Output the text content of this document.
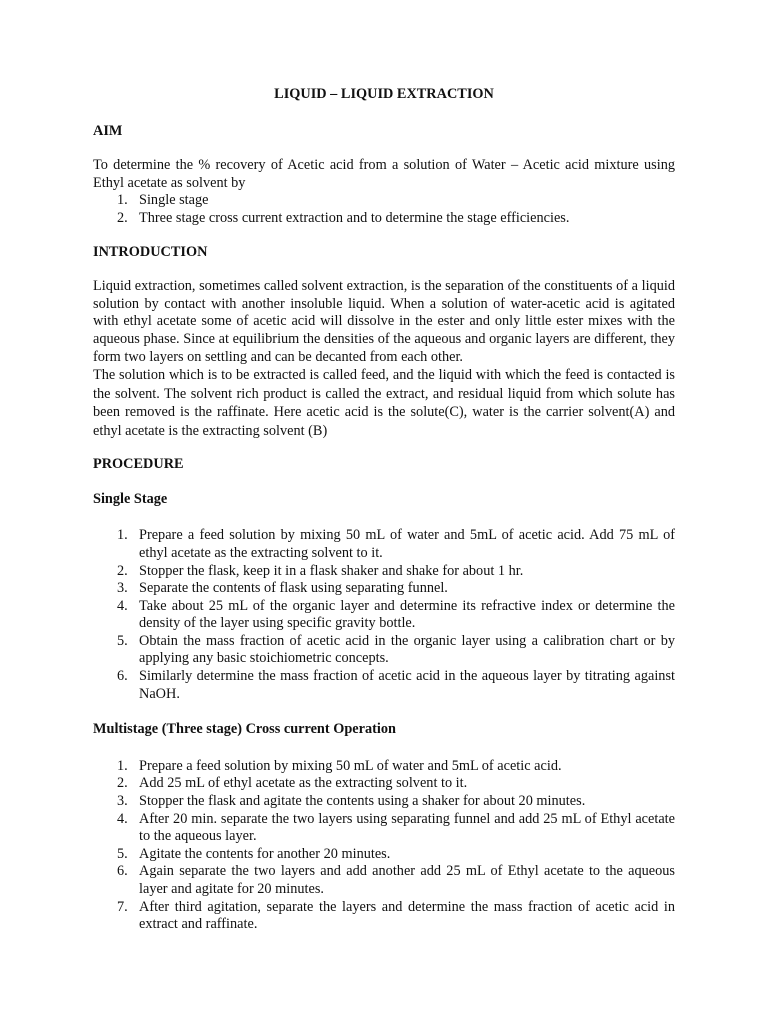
LIQUID – LIQUID EXTRACTION
AIM

To determine the % recovery of Acetic acid from a solution of Water – Acetic acid mixture using Ethyl acetate as solvent by

1. Single stage
2. Three stage cross current extraction and to determine the stage efficiencies.
INTRODUCTION

Liquid extraction, sometimes called solvent extraction, is the separation of the constituents of a liquid solution by contact with another insoluble liquid. When a solution of water-acetic acid is agitated with ethyl acetate some of acetic acid will dissolve in the ester and only little ester mixes with the aqueous phase. Since at equilibrium the densities of the aqueous and organic layers are different, they form two layers on settling and can be decanted from each other.

The solution which is to be extracted is called feed, and the liquid with which the feed is contacted is the solvent. The solvent rich product is called the extract, and residual liquid from which solute has been removed is the raffinate. Here acetic acid is the solute(C), water is the carrier solvent(A) and ethyl acetate is the extracting solvent (B)

PROCEDURE
Single Stage
1. Prepare a feed solution by mixing 50 mL of water and 5mL of acetic acid. Add 75 mL of ethyl acetate as the extracting solvent to it.
2. Stopper the flask, keep it in a flask shaker and shake for about 1 hr.
3. Separate the contents of flask using separating funnel.
4. Take about 25 mL of the organic layer and determine its refractive index or determine the density of the layer using specific gravity bottle.
5. Obtain the mass fraction of acetic acid in the organic layer using a calibration chart or by applying any basic stoichiometric concepts.
6. Similarly determine the mass fraction of acetic acid in the aqueous layer by titrating against NaOH.
Multistage (Three stage) Cross current Operation
1. Prepare a feed solution by mixing 50 mL of water and 5mL of acetic acid.
2. Add 25 mL of ethyl acetate as the extracting solvent to it.
3. Stopper the flask and agitate the contents using a shaker for about 20 minutes.
4. After 20 min. separate the two layers using separating funnel and add 25 mL of Ethyl acetate to the aqueous layer.
5. Agitate the contents for another 20 minutes.
6. Again separate the two layers and add another add 25 mL of Ethyl acetate to the aqueous layer and agitate for 20 minutes.
7. After third agitation, separate the layers and determine the mass fraction of acetic acid in extract and raffinate.
